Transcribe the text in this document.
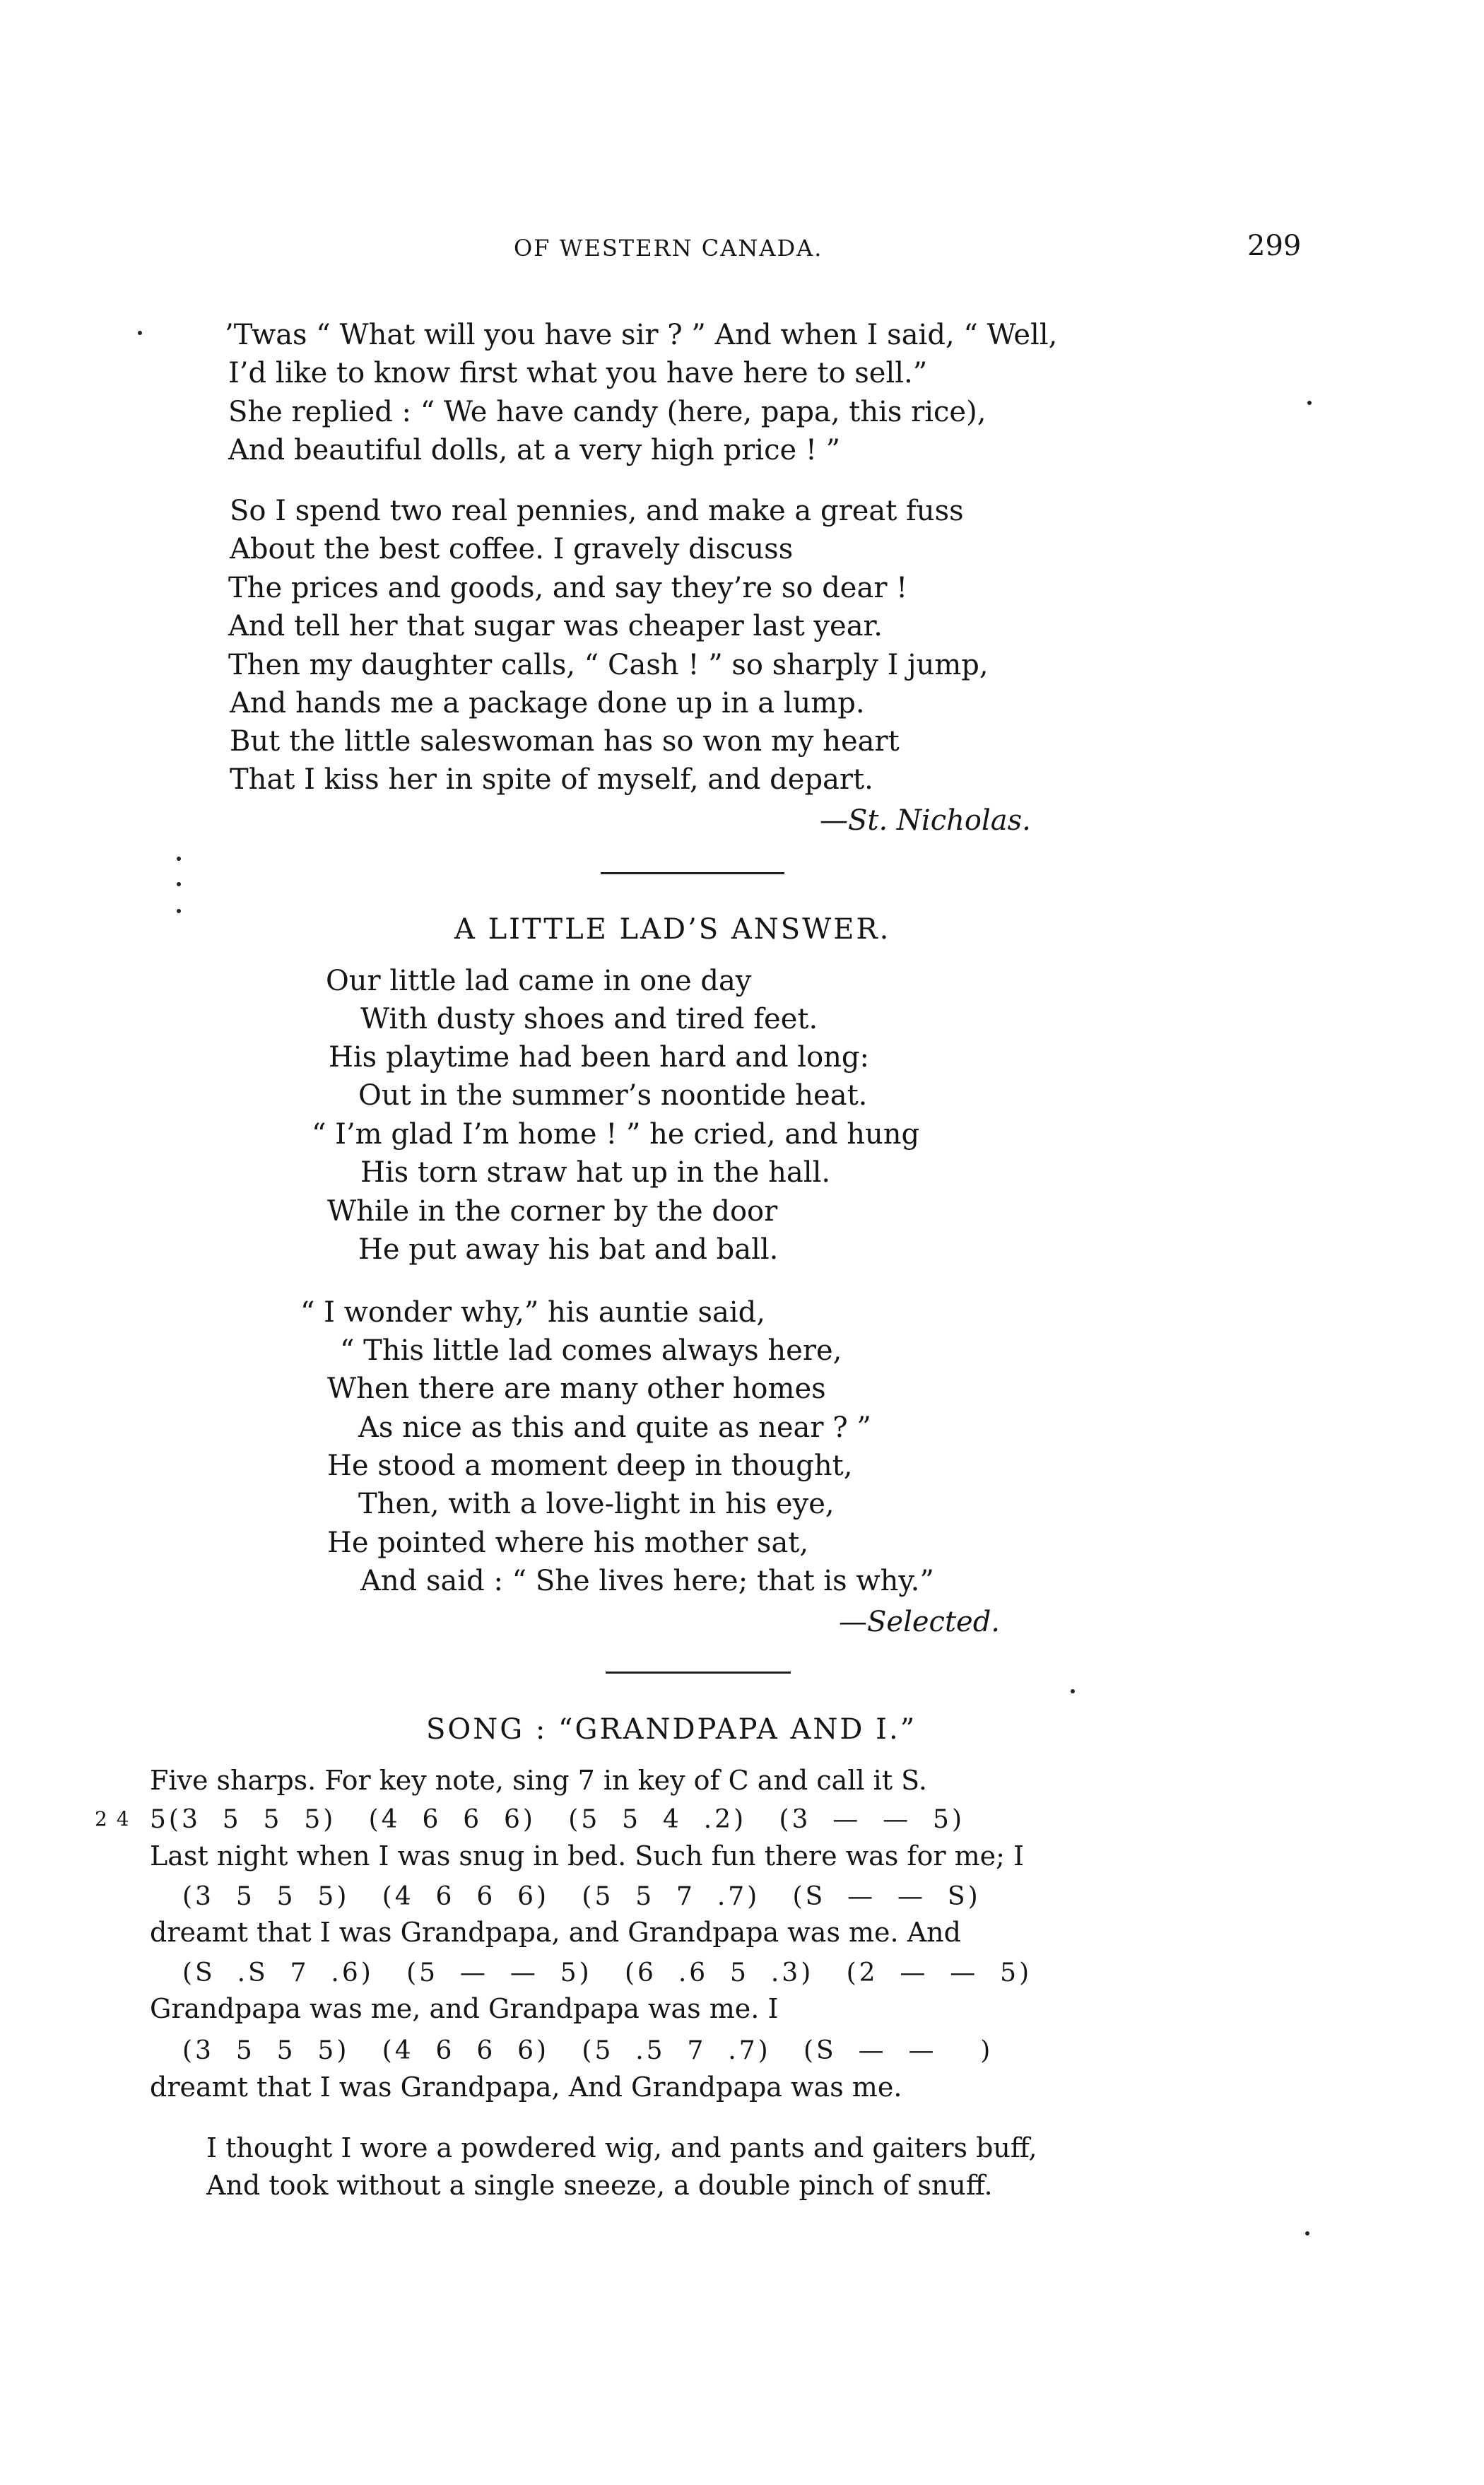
OF WESTERN CANADA.	299
’Twas “ What will you have sir ? ” And when I said, “ Well,
I’d like to know first what you have here to sell.”
She replied : “ We have candy (here, papa, this rice),
And beautiful dolls, at a very high price ! ”
So I spend two real pennies, and make a great fuss
About the best coffee. I gravely discuss
The prices and goods, and say they’re so dear !
And tell her that sugar was cheaper last year.
Then my daughter calls, “ Cash ! ” so sharply I jump,
And hands me a package done up in a lump.
But the little saleswoman has so won my heart
That I kiss her in spite of myself, and depart.
—St. Nicholas.
A LITTLE LAD’S ANSWER.
Our little lad came in one day
With dusty shoes and tired feet.
His playtime had been hard and long:
Out in the summer’s noontide heat.
“ I’m glad I’m home ! ” he cried, and hung
His torn straw hat up in the hall.
While in the corner by the door
He put away his bat and ball.
“ I wonder why,” his auntie said,
“ This little lad comes always here,
When there are many other homes
As nice as this and quite as near ? ”
He stood a moment deep in thought,
Then, with a love-light in his eye,
He pointed where his mother sat,
And said : “ She lives here; that is why.”
—Selected.
SONG : “GRANDPAPA AND I.”
Five sharps. For key note, sing 7 in key of C and call it S.
2 4 5(3  5  5  5)   (4  6  6  6)   (5  5  4  .2)   (3  —  —  5)
Last night when I was snug in bed. Such fun there was for me; I
(3  5  5  5)   (4  6  6  6)   (5  5  7  .7)   (S  —  —  S)
dreamt that I was Grandpapa, and Grandpapa was me. And
(S  .S  7  .6)   (5  —  —  5)   (6  .6  5  .3)   (2  —  —  5)
Grandpapa was me, and Grandpapa was me. I
(3  5  5  5)   (4  6  6  6)   (5  .5  7  .7)   (S  —  —    )
dreamt that I was Grandpapa, And Grandpapa was me.
I thought I wore a powdered wig, and pants and gaiters buff,
And took without a single sneeze, a double pinch of snuff.
